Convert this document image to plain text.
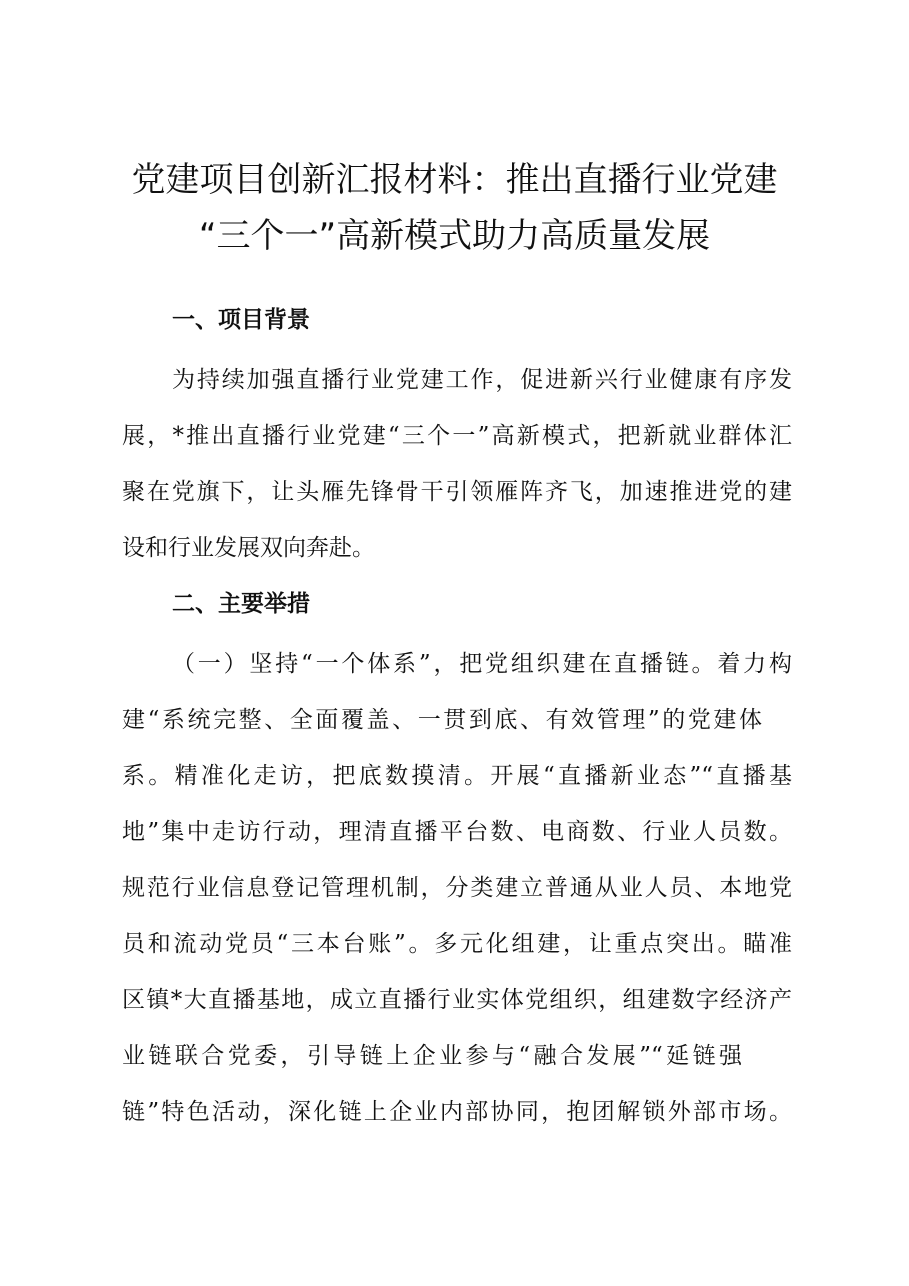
党建项目创新汇报材料：推出直播行业党建
“三个一”高新模式助力高质量发展
一、项目背景
为持续加强直播行业党建工作，促进新兴行业健康有序发
展，*推出直播行业党建“三个一”高新模式，把新就业群体汇
聚在党旗下，让头雁先锋骨干引领雁阵齐飞，加速推进党的建
设和行业发展双向奔赴。
二、主要举措
（一）坚持“一个体系”，把党组织建在直播链。着力构
建“系统完整、全面覆盖、一贯到底、有效管理”的党建体
系。精准化走访，把底数摸清。开展“直播新业态”“直播基
地”集中走访行动，理清直播平台数、电商数、行业人员数。
规范行业信息登记管理机制，分类建立普通从业人员、本地党
员和流动党员“三本台账”。多元化组建，让重点突出。瞄准
区镇*大直播基地，成立直播行业实体党组织，组建数字经济产
业链联合党委，引导链上企业参与“融合发展”“延链强
链”特色活动，深化链上企业内部协同，抱团解锁外部市场。
